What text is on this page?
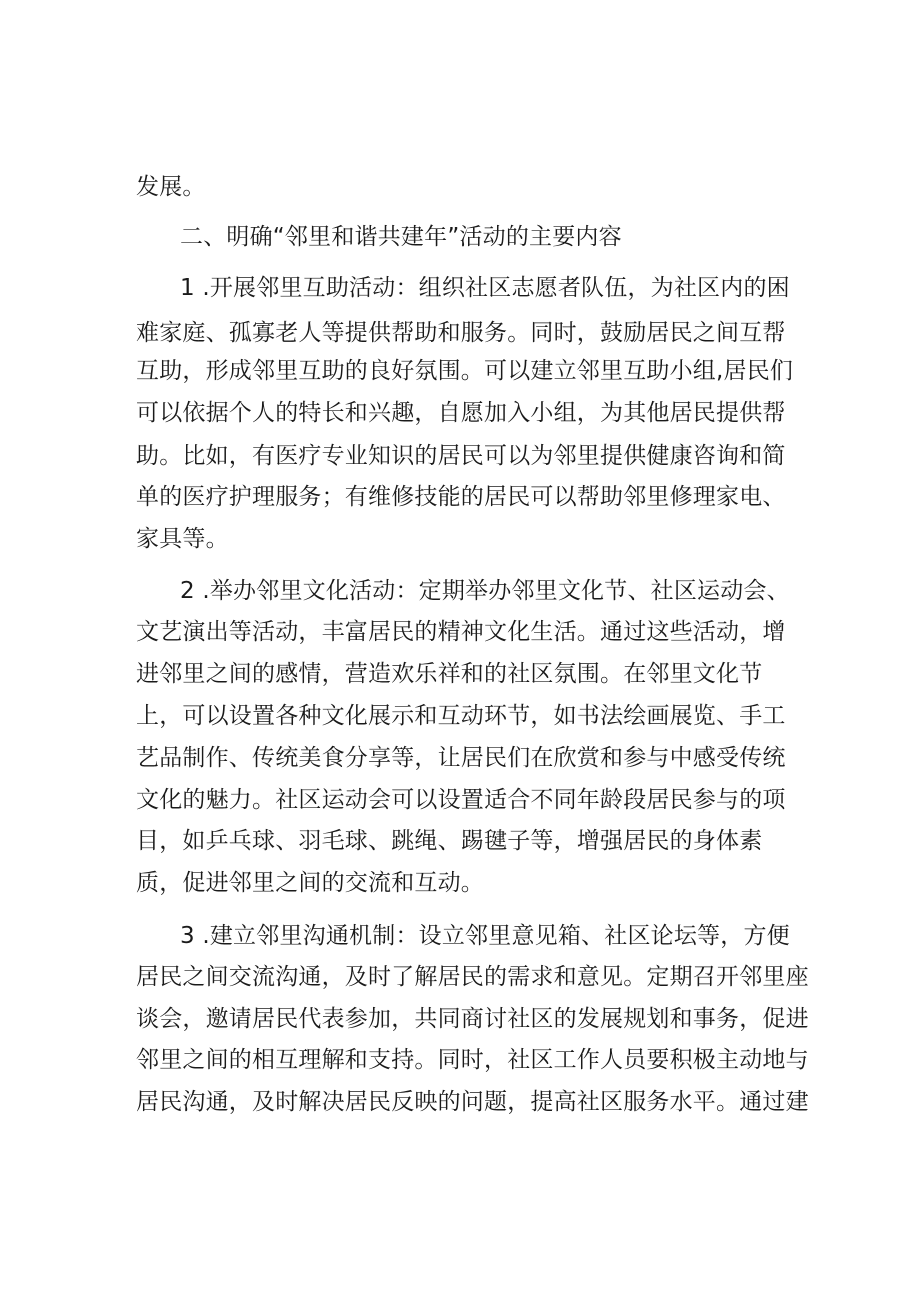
发展。
二、明确“邻里和谐共建年”活动的主要内容
1 .开展邻里互助活动：组织社区志愿者队伍，为社区内的困
难家庭、孤寡老人等提供帮助和服务。同时，鼓励居民之间互帮
互助，形成邻里互助的良好氛围。可以建立邻里互助小组,居民们
可以依据个人的特长和兴趣，自愿加入小组，为其他居民提供帮
助。比如，有医疗专业知识的居民可以为邻里提供健康咨询和简
单的医疗护理服务；有维修技能的居民可以帮助邻里修理家电、
家具等。
2 .举办邻里文化活动：定期举办邻里文化节、社区运动会、
文艺演出等活动，丰富居民的精神文化生活。通过这些活动，增
进邻里之间的感情，营造欢乐祥和的社区氛围。在邻里文化节
上，可以设置各种文化展示和互动环节，如书法绘画展览、手工
艺品制作、传统美食分享等，让居民们在欣赏和参与中感受传统
文化的魅力。社区运动会可以设置适合不同年龄段居民参与的项
目，如乒乓球、羽毛球、跳绳、踢毽子等，增强居民的身体素
质，促进邻里之间的交流和互动。
3 .建立邻里沟通机制：设立邻里意见箱、社区论坛等，方便
居民之间交流沟通，及时了解居民的需求和意见。定期召开邻里座
谈会，邀请居民代表参加，共同商讨社区的发展规划和事务，促进
邻里之间的相互理解和支持。同时，社区工作人员要积极主动地与
居民沟通，及时解决居民反映的问题，提高社区服务水平。通过建
